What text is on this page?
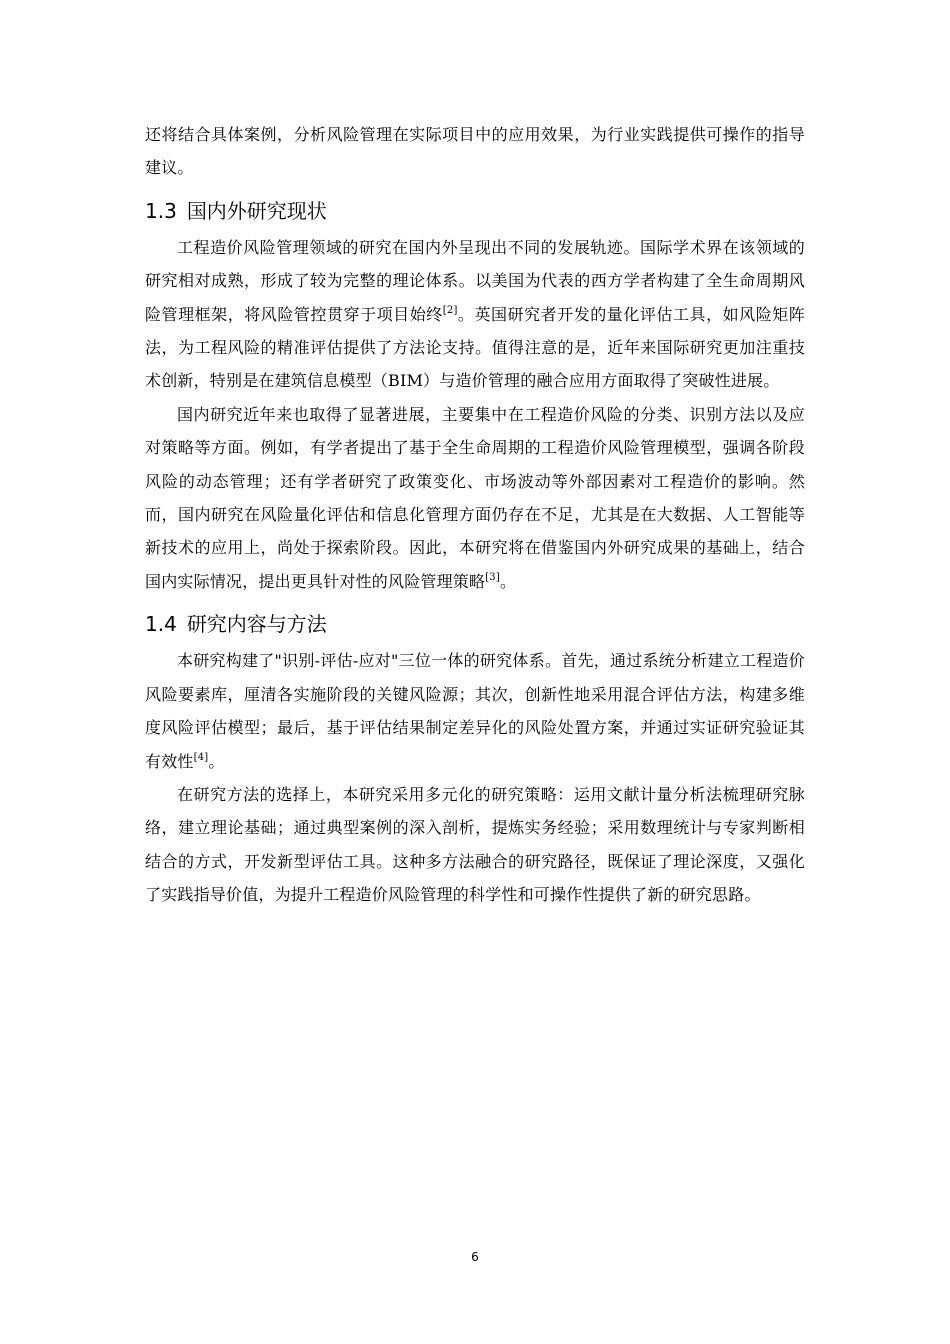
还将结合具体案例，分析风险管理在实际项目中的应用效果，为行业实践提供可操作的指导建议。

1.3 国内外研究现状

工程造价风险管理领域的研究在国内外呈现出不同的发展轨迹。国际学术界在该领域的研究相对成熟，形成了较为完整的理论体系。以美国为代表的西方学者构建了全生命周期风险管理框架，将风险管控贯穿于项目始终[2]。英国研究者开发的量化评估工具，如风险矩阵法，为工程风险的精准评估提供了方法论支持。值得注意的是，近年来国际研究更加注重技术创新，特别是在建筑信息模型（BIM）与造价管理的融合应用方面取得了突破性进展。

国内研究近年来也取得了显著进展，主要集中在工程造价风险的分类、识别方法以及应对策略等方面。例如，有学者提出了基于全生命周期的工程造价风险管理模型，强调各阶段风险的动态管理；还有学者研究了政策变化、市场波动等外部因素对工程造价的影响。然而，国内研究在风险量化评估和信息化管理方面仍存在不足，尤其是在大数据、人工智能等新技术的应用上，尚处于探索阶段。因此，本研究将在借鉴国内外研究成果的基础上，结合国内实际情况，提出更具针对性的风险管理策略[3]。

1.4 研究内容与方法

本研究构建了"识别-评估-应对"三位一体的研究体系。首先，通过系统分析建立工程造价风险要素库，厘清各实施阶段的关键风险源；其次，创新性地采用混合评估方法，构建多维度风险评估模型；最后，基于评估结果制定差异化的风险处置方案，并通过实证研究验证其有效性[4]。

在研究方法的选择上，本研究采用多元化的研究策略：运用文献计量分析法梳理研究脉络，建立理论基础；通过典型案例的深入剖析，提炼实务经验；采用数理统计与专家判断相结合的方式，开发新型评估工具。这种多方法融合的研究路径，既保证了理论深度，又强化了实践指导价值，为提升工程造价风险管理的科学性和可操作性提供了新的研究思路。

6
